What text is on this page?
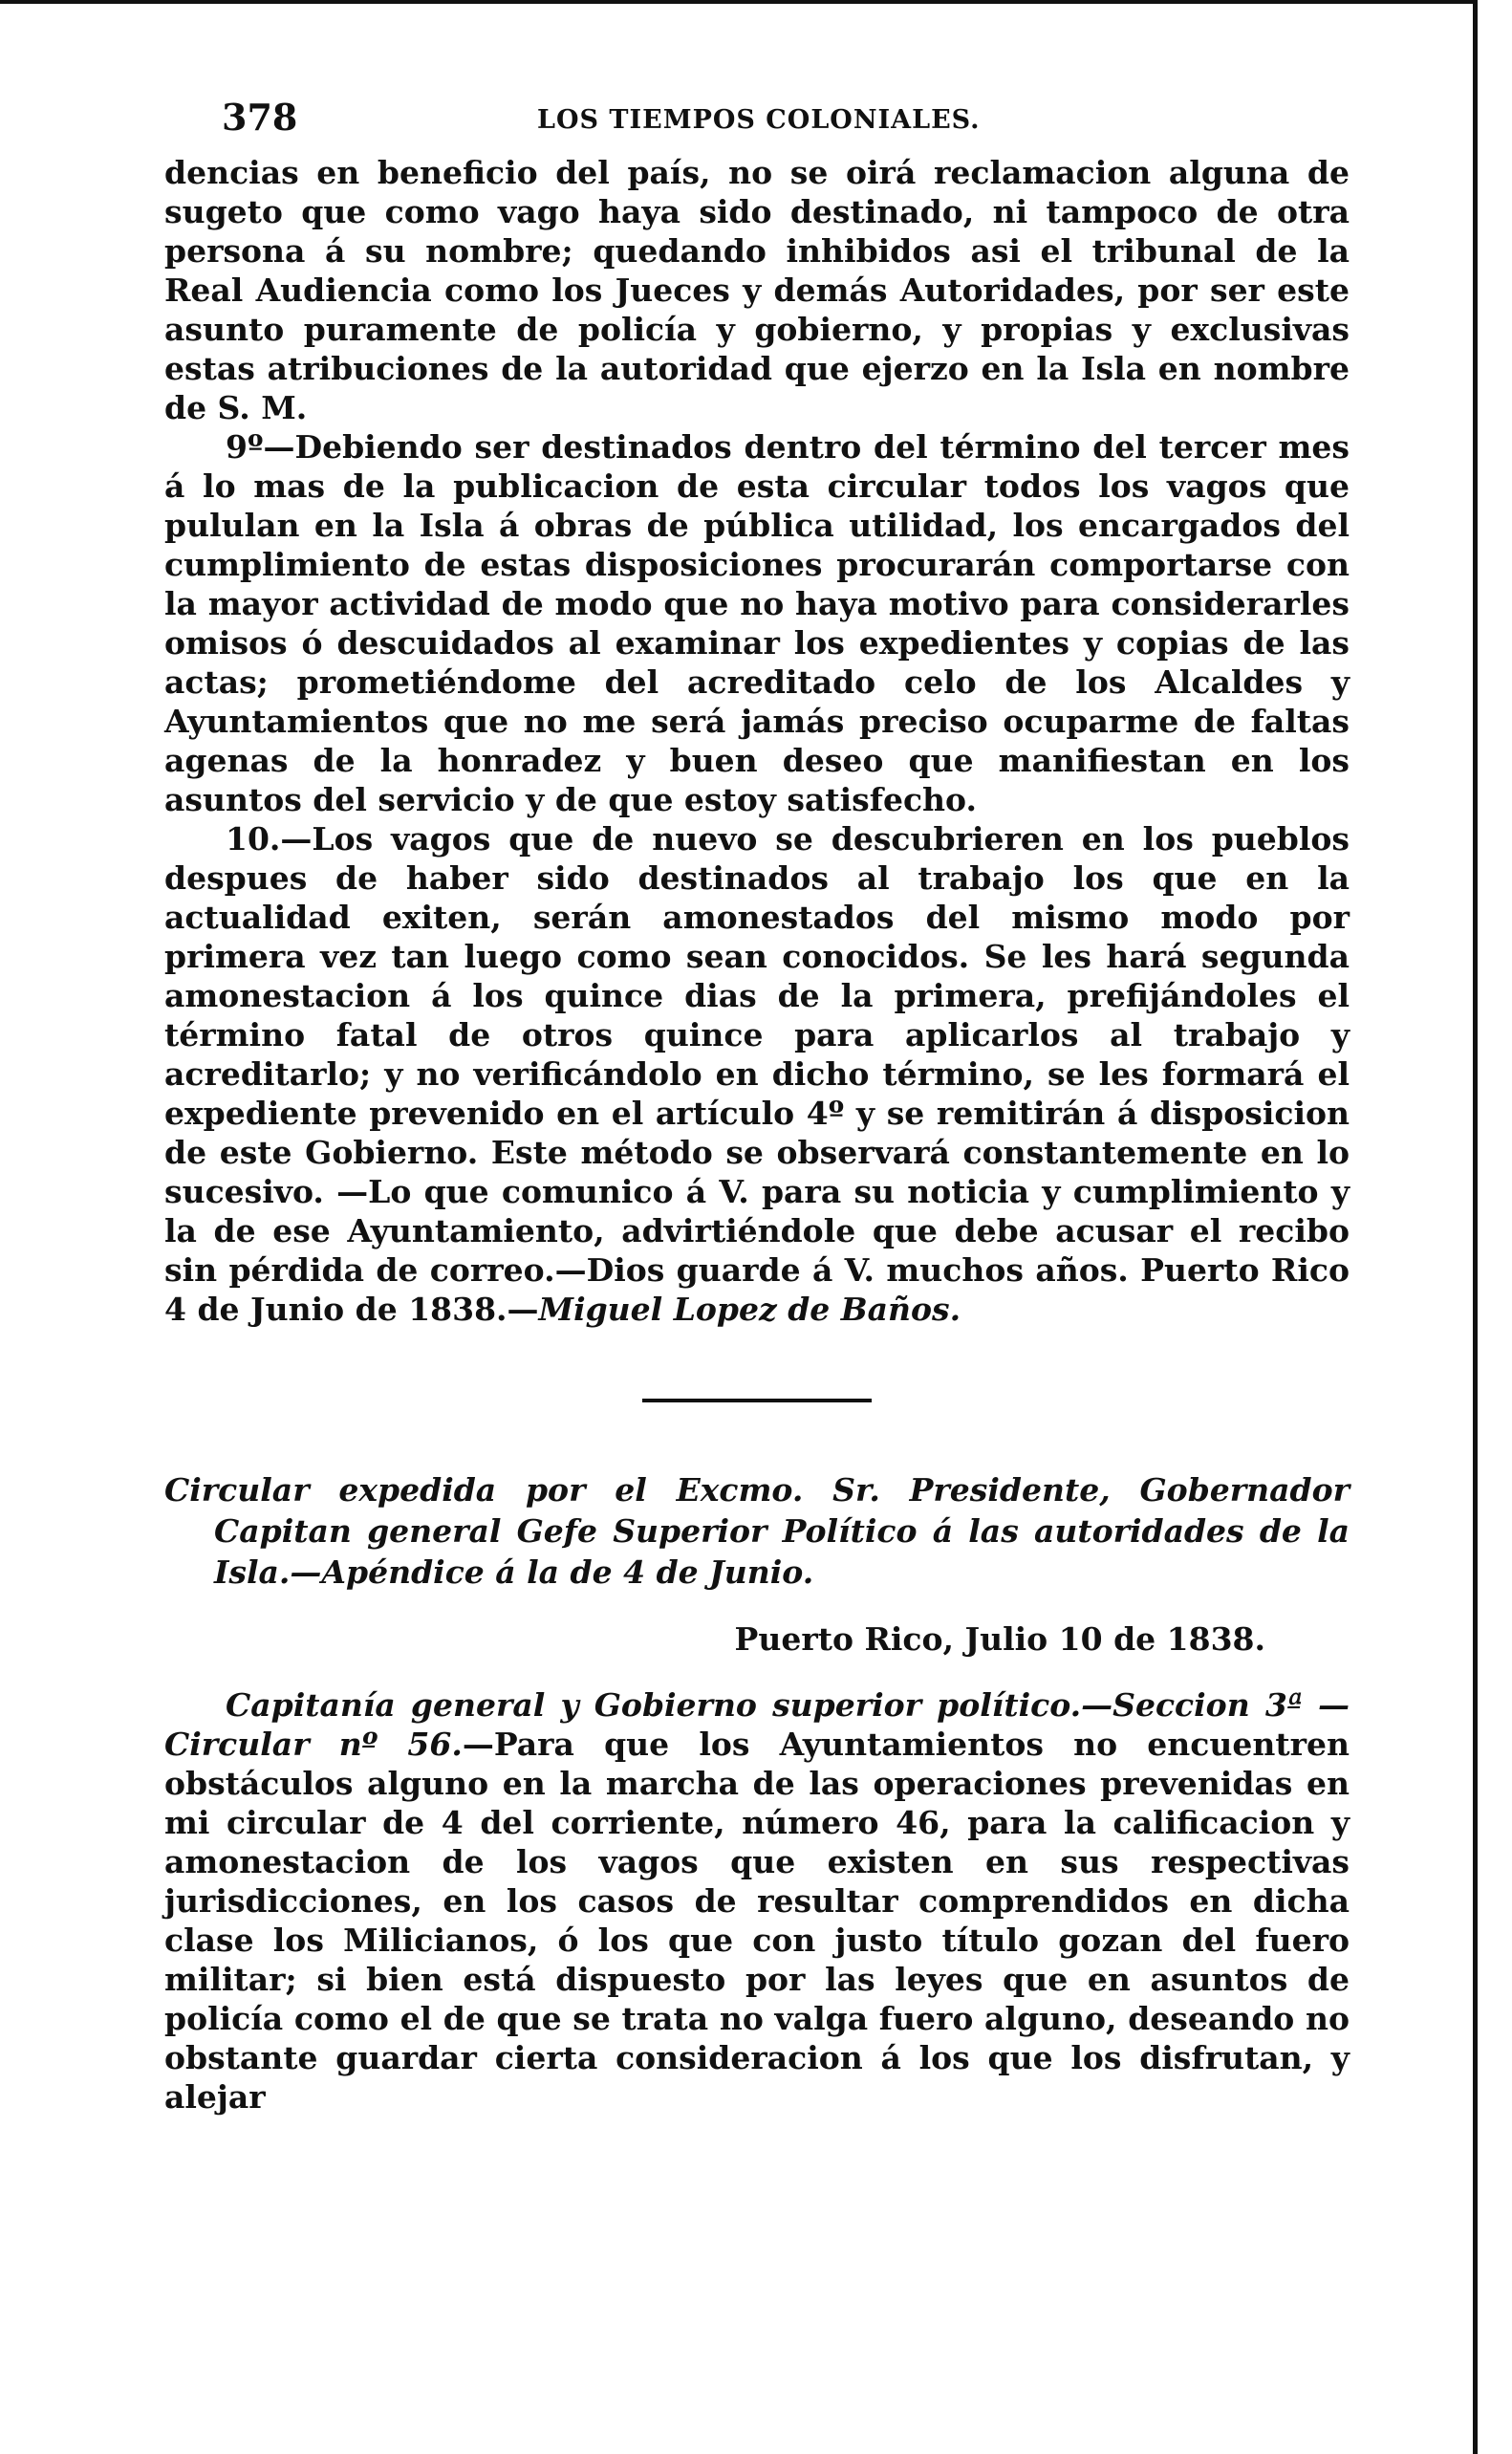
378	LOS TIEMPOS COLONIALES.

dencias en beneficio del país, no se oirá reclamacion alguna de sugeto que como vago haya sido destinado, ni tampoco de otra persona á su nombre; quedando inhibidos asi el tribunal de la Real Audiencia como los Jueces y demás Autoridades, por ser este asunto puramente de policía y gobierno, y propias y exclusivas estas atribuciones de la autoridad que ejerzo en la Isla en nombre de S. M.

9º—Debiendo ser destinados dentro del término del tercer mes á lo mas de la publicacion de esta circular todos los vagos que pululan en la Isla á obras de pública utilidad, los encargados del cumplimiento de estas disposiciones procurarán comportarse con la mayor actividad de modo que no haya motivo para considerarles omisos ó descuidados al examinar los expedientes y copias de las actas; prometiéndome del acreditado celo de los Alcaldes y Ayuntamientos que no me será jamás preciso ocuparme de faltas agenas de la honradez y buen deseo que manifiestan en los asuntos del servicio y de que estoy satisfecho.

10.—Los vagos que de nuevo se descubrieren en los pueblos despues de haber sido destinados al trabajo los que en la actualidad exiten, serán amonestados del mismo modo por primera vez tan luego como sean conocidos. Se les hará segunda amonestacion á los quince dias de la primera, prefijándoles el término fatal de otros quince para aplicarlos al trabajo y acreditarlo; y no verificándolo en dicho término, se les formará el expediente prevenido en el artículo 4º y se remitirán á disposicion de este Gobierno. Este método se observará constantemente en lo sucesivo. —Lo que comunico á V. para su noticia y cumplimiento y la de ese Ayuntamiento, advirtiéndole que debe acusar el recibo sin pérdida de correo.—Dios guarde á V. muchos años. Puerto Rico 4 de Junio de 1838.—Miguel Lopez de Baños.

Circular expedida por el Excmo. Sr. Presidente, Gobernador Capitan general Gefe Superior Político á las autoridades de la Isla.—Apéndice á la de 4 de Junio.

Puerto Rico, Julio 10 de 1838.

Capitanía general y Gobierno superior político.—Seccion 3ª —Circular nº 56.—Para que los Ayuntamientos no encuentren obstáculos alguno en la marcha de las operaciones prevenidas en mi circular de 4 del corriente, número 46, para la calificacion y amonestacion de los vagos que existen en sus respectivas jurisdicciones, en los casos de resultar comprendidos en dicha clase los Milicianos, ó los que con justo título gozan del fuero militar; si bien está dispuesto por las leyes que en asuntos de policía como el de que se trata no valga fuero alguno, deseando no obstante guardar cierta consideracion á los que los disfrutan, y alejar
